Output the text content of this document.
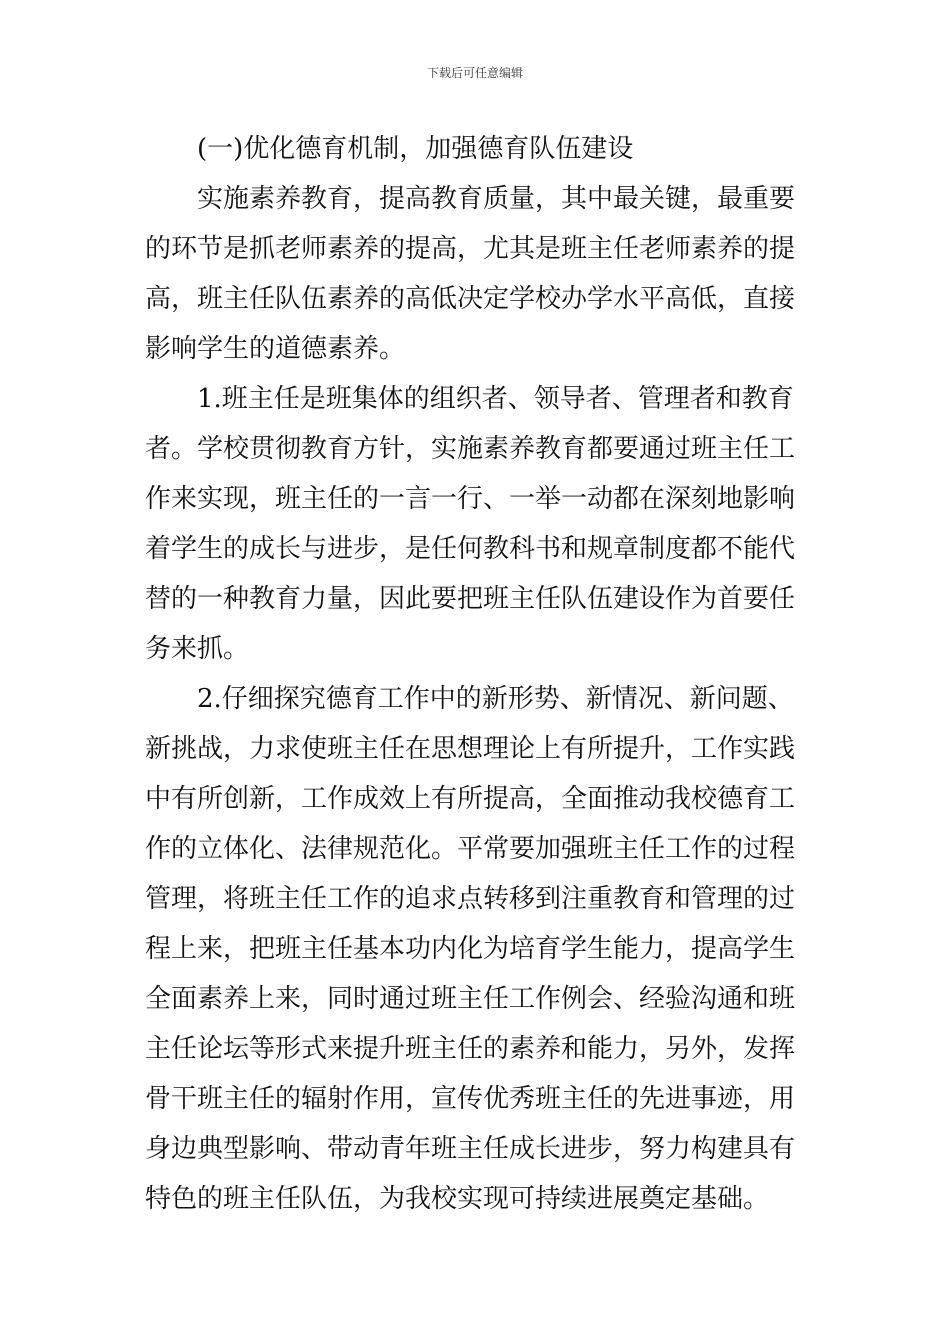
下载后可任意编辑
(一)优化德育机制，加强德育队伍建设
实施素养教育，提高教育质量，其中最关键，最重要
的环节是抓老师素养的提高，尤其是班主任老师素养的提
高，班主任队伍素养的高低决定学校办学水平高低，直接
影响学生的道德素养。
1.班主任是班集体的组织者、领导者、管理者和教育
者。学校贯彻教育方针，实施素养教育都要通过班主任工
作来实现，班主任的一言一行、一举一动都在深刻地影响
着学生的成长与进步，是任何教科书和规章制度都不能代
替的一种教育力量，因此要把班主任队伍建设作为首要任
务来抓。
2.仔细探究德育工作中的新形势、新情况、新问题、
新挑战，力求使班主任在思想理论上有所提升，工作实践
中有所创新，工作成效上有所提高，全面推动我校德育工
作的立体化、法律规范化。平常要加强班主任工作的过程
管理，将班主任工作的追求点转移到注重教育和管理的过
程上来，把班主任基本功内化为培育学生能力，提高学生
全面素养上来，同时通过班主任工作例会、经验沟通和班
主任论坛等形式来提升班主任的素养和能力，另外，发挥
骨干班主任的辐射作用，宣传优秀班主任的先进事迹，用
身边典型影响、带动青年班主任成长进步，努力构建具有
特色的班主任队伍，为我校实现可持续进展奠定基础。
